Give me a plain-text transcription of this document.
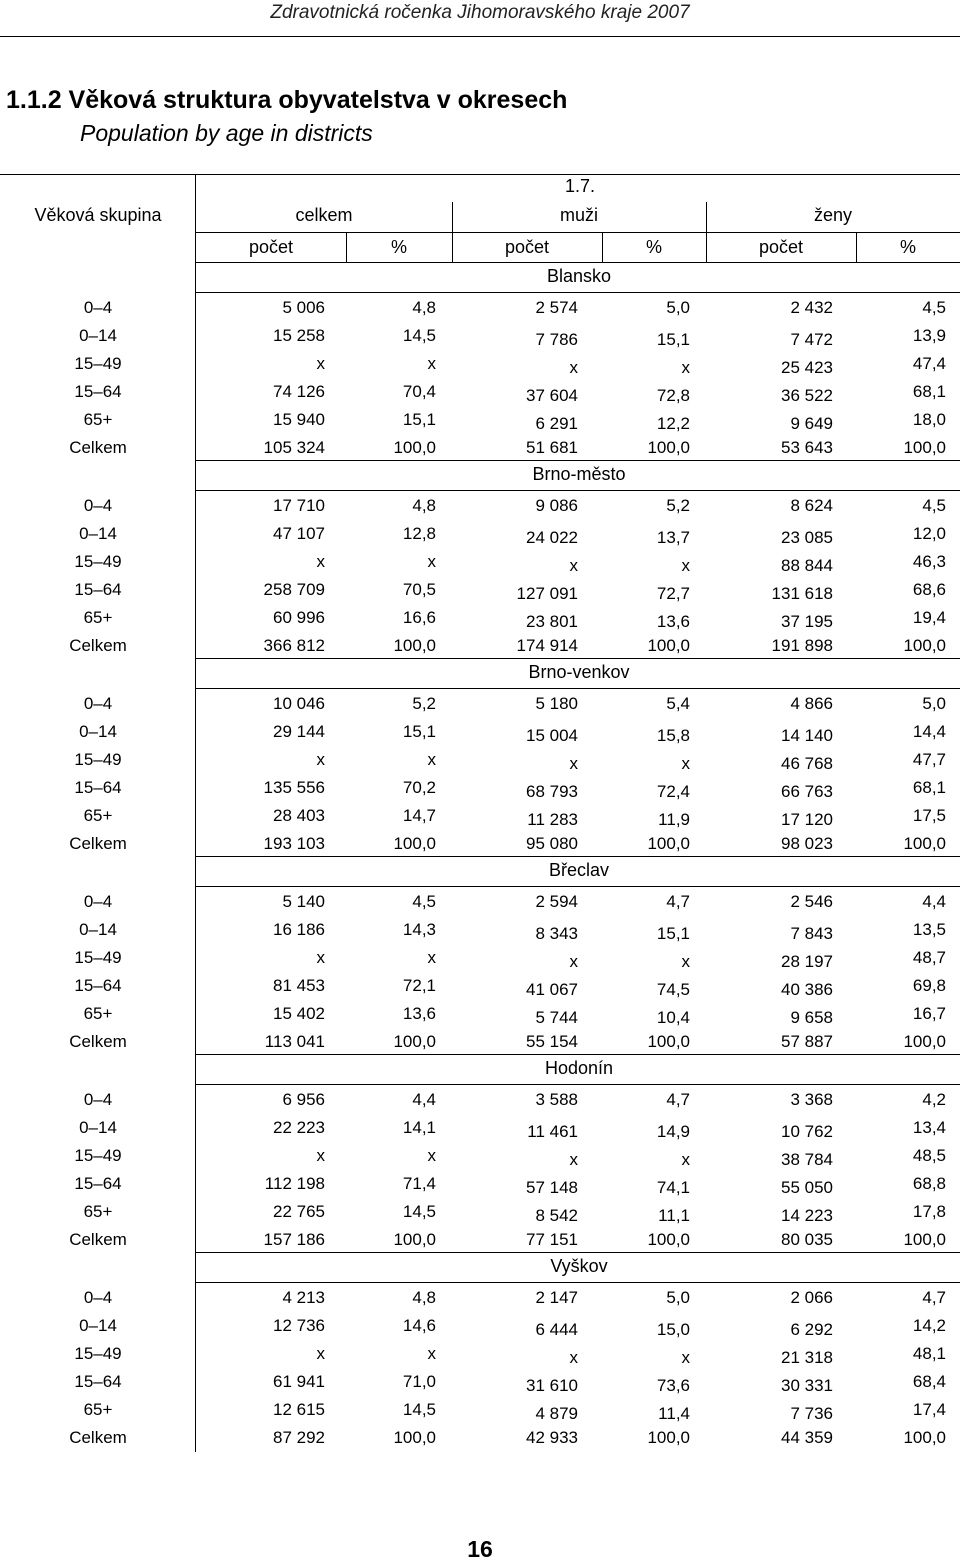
Zdravotnická ročenka Jihomoravského kraje 2007
1.1.2 Věková struktura obyvatelstva v okresech
Population by age in districts
1.7.
Věková skupina	celkem	muži	ženy
počet	%	počet	%	počet	%
Blansko
0–4	5 006	4,8	2 574	5,0	2 432	4,5
0–14	15 258	14,5	7 786	15,1	7 472	13,9
15–49	x	x	x	x	25 423	47,4
15–64	74 126	70,4	37 604	72,8	36 522	68,1
65+	15 940	15,1	6 291	12,2	9 649	18,0
Celkem	105 324	100,0	51 681	100,0	53 643	100,0
Brno-město
0–4	17 710	4,8	9 086	5,2	8 624	4,5
0–14	47 107	12,8	24 022	13,7	23 085	12,0
15–49	x	x	x	x	88 844	46,3
15–64	258 709	70,5	127 091	72,7	131 618	68,6
65+	60 996	16,6	23 801	13,6	37 195	19,4
Celkem	366 812	100,0	174 914	100,0	191 898	100,0
Brno-venkov
0–4	10 046	5,2	5 180	5,4	4 866	5,0
0–14	29 144	15,1	15 004	15,8	14 140	14,4
15–49	x	x	x	x	46 768	47,7
15–64	135 556	70,2	68 793	72,4	66 763	68,1
65+	28 403	14,7	11 283	11,9	17 120	17,5
Celkem	193 103	100,0	95 080	100,0	98 023	100,0
Břeclav
0–4	5 140	4,5	2 594	4,7	2 546	4,4
0–14	16 186	14,3	8 343	15,1	7 843	13,5
15–49	x	x	x	x	28 197	48,7
15–64	81 453	72,1	41 067	74,5	40 386	69,8
65+	15 402	13,6	5 744	10,4	9 658	16,7
Celkem	113 041	100,0	55 154	100,0	57 887	100,0
Hodonín
0–4	6 956	4,4	3 588	4,7	3 368	4,2
0–14	22 223	14,1	11 461	14,9	10 762	13,4
15–49	x	x	x	x	38 784	48,5
15–64	112 198	71,4	57 148	74,1	55 050	68,8
65+	22 765	14,5	8 542	11,1	14 223	17,8
Celkem	157 186	100,0	77 151	100,0	80 035	100,0
Vyškov
0–4	4 213	4,8	2 147	5,0	2 066	4,7
0–14	12 736	14,6	6 444	15,0	6 292	14,2
15–49	x	x	x	x	21 318	48,1
15–64	61 941	71,0	31 610	73,6	30 331	68,4
65+	12 615	14,5	4 879	11,4	7 736	17,4
Celkem	87 292	100,0	42 933	100,0	44 359	100,0
16
